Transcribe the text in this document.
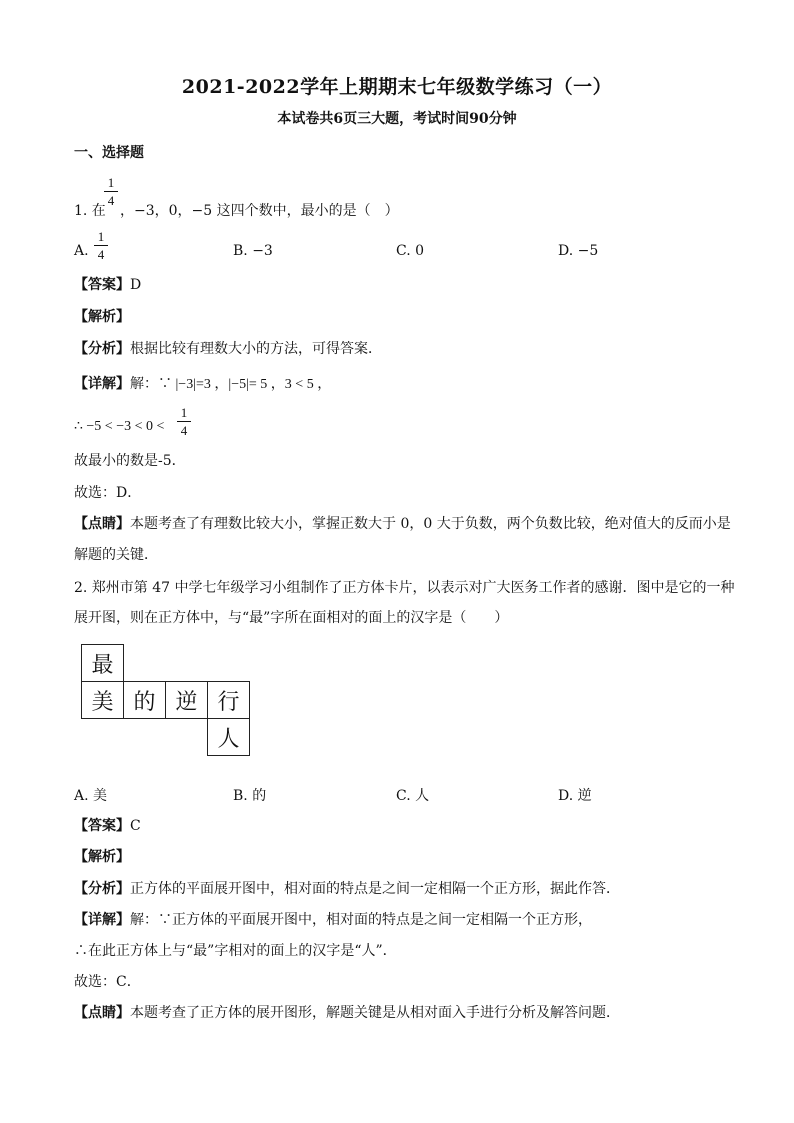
2021-2022学年上期期末七年级数学练习（一）
本试卷共6页三大题，考试时间90分钟
一、选择题
1. 在
1
4
，−3，0，−5 这四个数中，最小的是（　）
A.
1
4	B. −3	C. 0	D. −5
【答案】D
【解析】
【分析】根据比较有理数大小的方法，可得答案．
【详解】解：∵ |−3|=3 ，|−5|= 5 ，3 < 5 ，
∴ −5 < −3 < 0 <
1
4
故最小的数是-5．
故选：D．
【点睛】本题考查了有理数比较大小，掌握正数大于 0，0 大于负数，两个负数比较，绝对值大的反而小是
解题的关键．
2. 郑州市第 47 中学七年级学习小组制作了正方体卡片，以表示对广大医务工作者的感谢．图中是它的一种
展开图，则在正方体中，与“最”字所在面相对的面上的汉字是（　　）
最			
美	的	逆	行
			人
A. 美	B. 的	C. 人	D. 逆
【答案】C
【解析】
【分析】正方体的平面展开图中，相对面的特点是之间一定相隔一个正方形，据此作答．
【详解】解：∵正方体的平面展开图中，相对面的特点是之间一定相隔一个正方形，
∴在此正方体上与“最”字相对的面上的汉字是“人”．
故选：C．
【点睛】本题考查了正方体的展开图形，解题关键是从相对面入手进行分析及解答问题．
